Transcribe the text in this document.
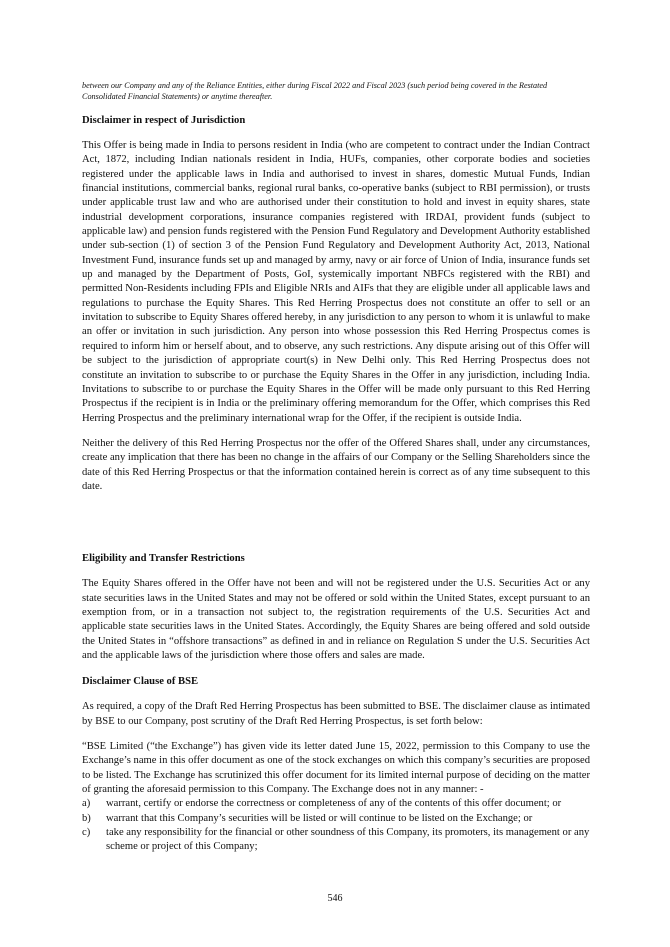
between our Company and any of the Reliance Entities, either during Fiscal 2022 and Fiscal 2023 (such period being covered in the Restated Consolidated Financial Statements) or anytime thereafter.

Disclaimer in respect of Jurisdiction

This Offer is being made in India to persons resident in India (who are competent to contract under the Indian Contract Act, 1872, including Indian nationals resident in India, HUFs, companies, other corporate bodies and societies registered under the applicable laws in India and authorised to invest in shares, domestic Mutual Funds, Indian financial institutions, commercial banks, regional rural banks, co-operative banks (subject to RBI permission), or trusts under applicable trust law and who are authorised under their constitution to hold and invest in equity shares, state industrial development corporations, insurance companies registered with IRDAI, provident funds (subject to applicable law) and pension funds registered with the Pension Fund Regulatory and Development Authority established under sub-section (1) of section 3 of the Pension Fund Regulatory and Development Authority Act, 2013, National Investment Fund, insurance funds set up and managed by army, navy or air force of Union of India, insurance funds set up and managed by the Department of Posts, GoI, systemically important NBFCs registered with the RBI) and permitted Non-Residents including FPIs and Eligible NRIs and AIFs that they are eligible under all applicable laws and regulations to purchase the Equity Shares. This Red Herring Prospectus does not constitute an offer to sell or an invitation to subscribe to Equity Shares offered hereby, in any jurisdiction to any person to whom it is unlawful to make an offer or invitation in such jurisdiction. Any person into whose possession this Red Herring Prospectus comes is required to inform him or herself about, and to observe, any such restrictions. Any dispute arising out of this Offer will be subject to the jurisdiction of appropriate court(s) in New Delhi only. This Red Herring Prospectus does not constitute an invitation to subscribe to or purchase the Equity Shares in the Offer in any jurisdiction, including India. Invitations to subscribe to or purchase the Equity Shares in the Offer will be made only pursuant to this Red Herring Prospectus if the recipient is in India or the preliminary offering memorandum for the Offer, which comprises this Red Herring Prospectus and the preliminary international wrap for the Offer, if the recipient is outside India.

Neither the delivery of this Red Herring Prospectus nor the offer of the Offered Shares shall, under any circumstances, create any implication that there has been no change in the affairs of our Company or the Selling Shareholders since the date of this Red Herring Prospectus or that the information contained herein is correct as of any time subsequent to this date.

Eligibility and Transfer Restrictions

The Equity Shares offered in the Offer have not been and will not be registered under the U.S. Securities Act or any state securities laws in the United States and may not be offered or sold within the United States, except pursuant to an exemption from, or in a transaction not subject to, the registration requirements of the U.S. Securities Act and applicable state securities laws in the United States. Accordingly, the Equity Shares are being offered and sold outside the United States in “offshore transactions” as defined in and in reliance on Regulation S under the U.S. Securities Act and the applicable laws of the jurisdiction where those offers and sales are made.

Disclaimer Clause of BSE

As required, a copy of the Draft Red Herring Prospectus has been submitted to BSE. The disclaimer clause as intimated by BSE to our Company, post scrutiny of the Draft Red Herring Prospectus, is set forth below:

“BSE Limited (“the Exchange”) has given vide its letter dated June 15, 2022, permission to this Company to use the Exchange’s name in this offer document as one of the stock exchanges on which this company’s securities are proposed to be listed. The Exchange has scrutinized this offer document for its limited internal purpose of deciding on the matter of granting the aforesaid permission to this Company. The Exchange does not in any manner: -

a)	warrant, certify or endorse the correctness or completeness of any of the contents of this offer document; or
b)	warrant that this Company’s securities will be listed or will continue to be listed on the Exchange; or
c)	take any responsibility for the financial or other soundness of this Company, its promoters, its management or any scheme or project of this Company;
546
